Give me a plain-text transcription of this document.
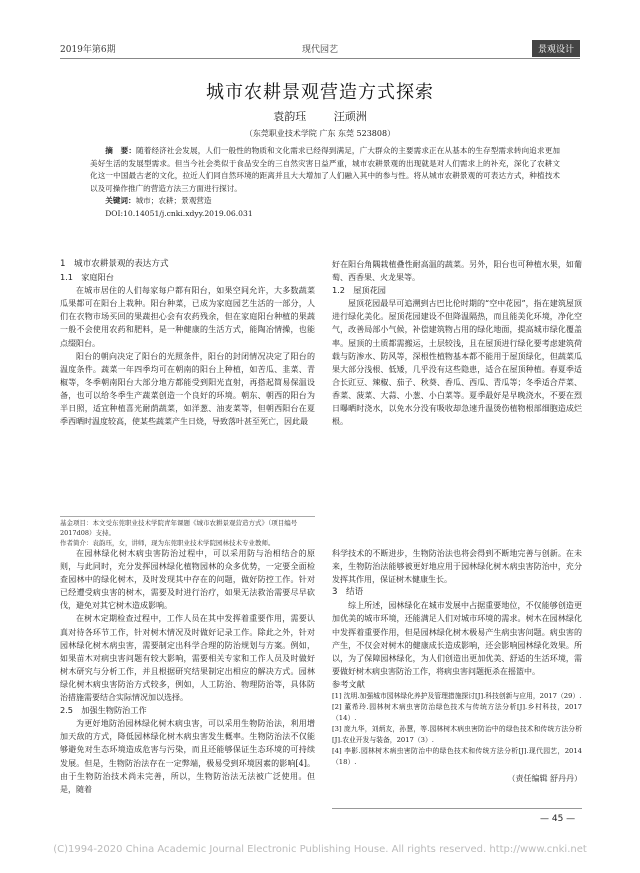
2019年第6期	现代园艺	景观设计
城市农耕景观营造方式探索
袁韵珏	汪顽洲
（东莞职业技术学院 广东 东莞 523808）

摘　要：随着经济社会发展，人们一般性的物质和文化需求已经得到满足，广大群众的主要需求正在从基本的生存型需求转向追求更加美好生活的发展型需求。但当今社会类似于食品安全的三自然灾害日益严重，城市农耕景观的出现就是对人们需求上的补充，深化了农耕文化这一中国最古老的文化，拉近人们同自然环境的距离并且大大增加了人们融入其中的参与性。将从城市农耕景观的可表达方式，种植技术以及可操作推广的营造方法三方面进行探讨。

关键词：城市；农耕；景观营造

DOI:10.14051/j.cnki.xdyy.2019.06.031

1　城市农耕景观的表达方式
1.1　家庭阳台

在城市居住的人们每家每户都有阳台，如果空间允许，大多数蔬菜瓜果都可在阳台上栽种。阳台种菜，已成为家庭园艺生活的一部分，人们在衣物市场买回的果蔬担心会有农药残余，但在家庭阳台种植的果蔬一般不会使用农药和肥料，是一种健康的生活方式，能陶冶情操，也能点缀阳台。

阳台的朝向决定了阳台的光照条件，阳台的封闭情况决定了阳台的温度条件。蔬菜一年四季均可在朝南的阳台上种植，如苦瓜、韭菜、青椒等，冬季朝南阳台大部分地方都能受到阳光直射，再搭起简易保温设备，也可以给冬季生产蔬菜创造一个良好的环境。朝东、朝西的阳台为半日照，适宜种植喜光耐荫蔬菜，如洋葱、油麦菜等，但朝西阳台在夏季西晒时温度较高，使某些蔬菜产生日烧，导致落叶甚至死亡，因此最

好在阳台角隅栽植叠性耐高温的蔬菜。另外，阳台也可种植水果，如葡萄、西香果、火龙果等。

1.2　屋顶花园

屋顶花园最早可追溯到古巴比伦时期的“空中花园”，指在建筑屋顶进行绿化美化。屋顶花园建设不但降温隔热，而且能美化环境，净化空气，改善局部小气候，补偿建筑物占用的绿化地面，提高城市绿化覆盖率。屋顶的土质都需搬运，土层较浅，且在屋顶进行绿化要考虑建筑荷载与防渗水、防风等，深根性植物基本都不能用于屋顶绿化，但蔬菜瓜果大部分浅根、低矮，几乎没有这些隐患，适合在屋顶种植。春夏季适合长豇豆、辣椒、茄子、秋葵、香瓜、西瓜、青瓜等；冬季适合芹菜、香菜、菠菜、大蒜、小葱、小白菜等。夏季最好是早晚浇水，不要在烈日曝晒时浇水，以免水分没有吸收却急速升温烫伤植物根部细胞造成烂根。

基金项目：本文受东莞职业技术学院青年课题《城市农耕景观营造方式》（项目编号 2017d08）支持。
作者简介：袁韵珏，女，讲师，现为东莞职业技术学院园林技术专业教师。

在园林绿化树木病虫害防治过程中，可以采用防与治相结合的原则，与此同时，充分发挥园林绿化植物园林的众多优势，一定要全面检查园林中的绿化树木，及时发现其中存在的问题，做好防控工作。针对已经遭受病虫害的树木，需要及时进行治疗，如果无法救治需要尽早砍伐，避免对其它树木造成影响。

在树木定期检查过程中，工作人员在其中发挥着重要作用，需要认真对待各环节工作，针对树木情况及时做好记录工作。除此之外，针对园林绿化树木病虫害，需要制定出科学合理的防治规划与方案。例如，如果苗木对病虫害问题有较大影响，需要相关专家和工作人员及时做好树木研究与分析工作，并且根据研究结果制定出相应的解决方式。园林绿化树木病虫害防治方式较多，例如，人工防治、物理防治等，具体防治措施需要结合实际情况加以选择。

2.5　加强生物防治工作

为更好地防治园林绿化树木病虫害，可以采用生物防治法，利用增加天敌的方式，降低园林绿化树木病虫害发生概率。生物防治法不仅能够避免对生态环境造成危害与污染，而且还能够保证生态环境的可持续发展。但是，生物防治法存在一定弊端，极易受到环境因素的影响[4]。由于生物防治技术尚未完善，所以，生物防治法无法被广泛使用。但是，随着

科学技术的不断进步，生物防治法也将会得到不断地完善与创新。在未来，生物防治法能够被更好地应用于园林绿化树木病虫害防治中，充分发挥其作用，保证树木健康生长。

3　结语

综上所述，园林绿化在城市发展中占据重要地位，不仅能够创造更加优美的城市环境，还能满足人们对城市环境的需求。树木在园林绿化中发挥着重要作用，但是园林绿化树木极易产生病虫害问题。病虫害的产生，不仅会对树木的健康成长造成影响，还会影响园林绿化效果。所以，为了保障园林绿化，为人们创造出更加优美、舒适的生活环境，需要做好树木病虫害防治工作，将病虫害问题扼杀在摇篮中。

参考文献
[1] 沈明.加强城市园林绿化养护及管理措施探讨[J].科技创新与应用，2017（29）.
[2] 董希玲.园林树木病虫害防治绿色技术与传统方法分析[J].乡村科技，2017（14）.
[3] 庞九华，刘炳友，孙慧，等.园林树木病虫害防治中的绿色技术和传统方法分析[J].农业开发与装备，2017（3）.
[4] 李影.园林树木病虫害防治中的绿色技术和传统方法分析[J].现代园艺，2014（18）.
（责任编辑 舒丹丹）
— 45 —
(C)1994-2020 China Academic Journal Electronic Publishing House. All rights reserved. http://www.cnki.net
